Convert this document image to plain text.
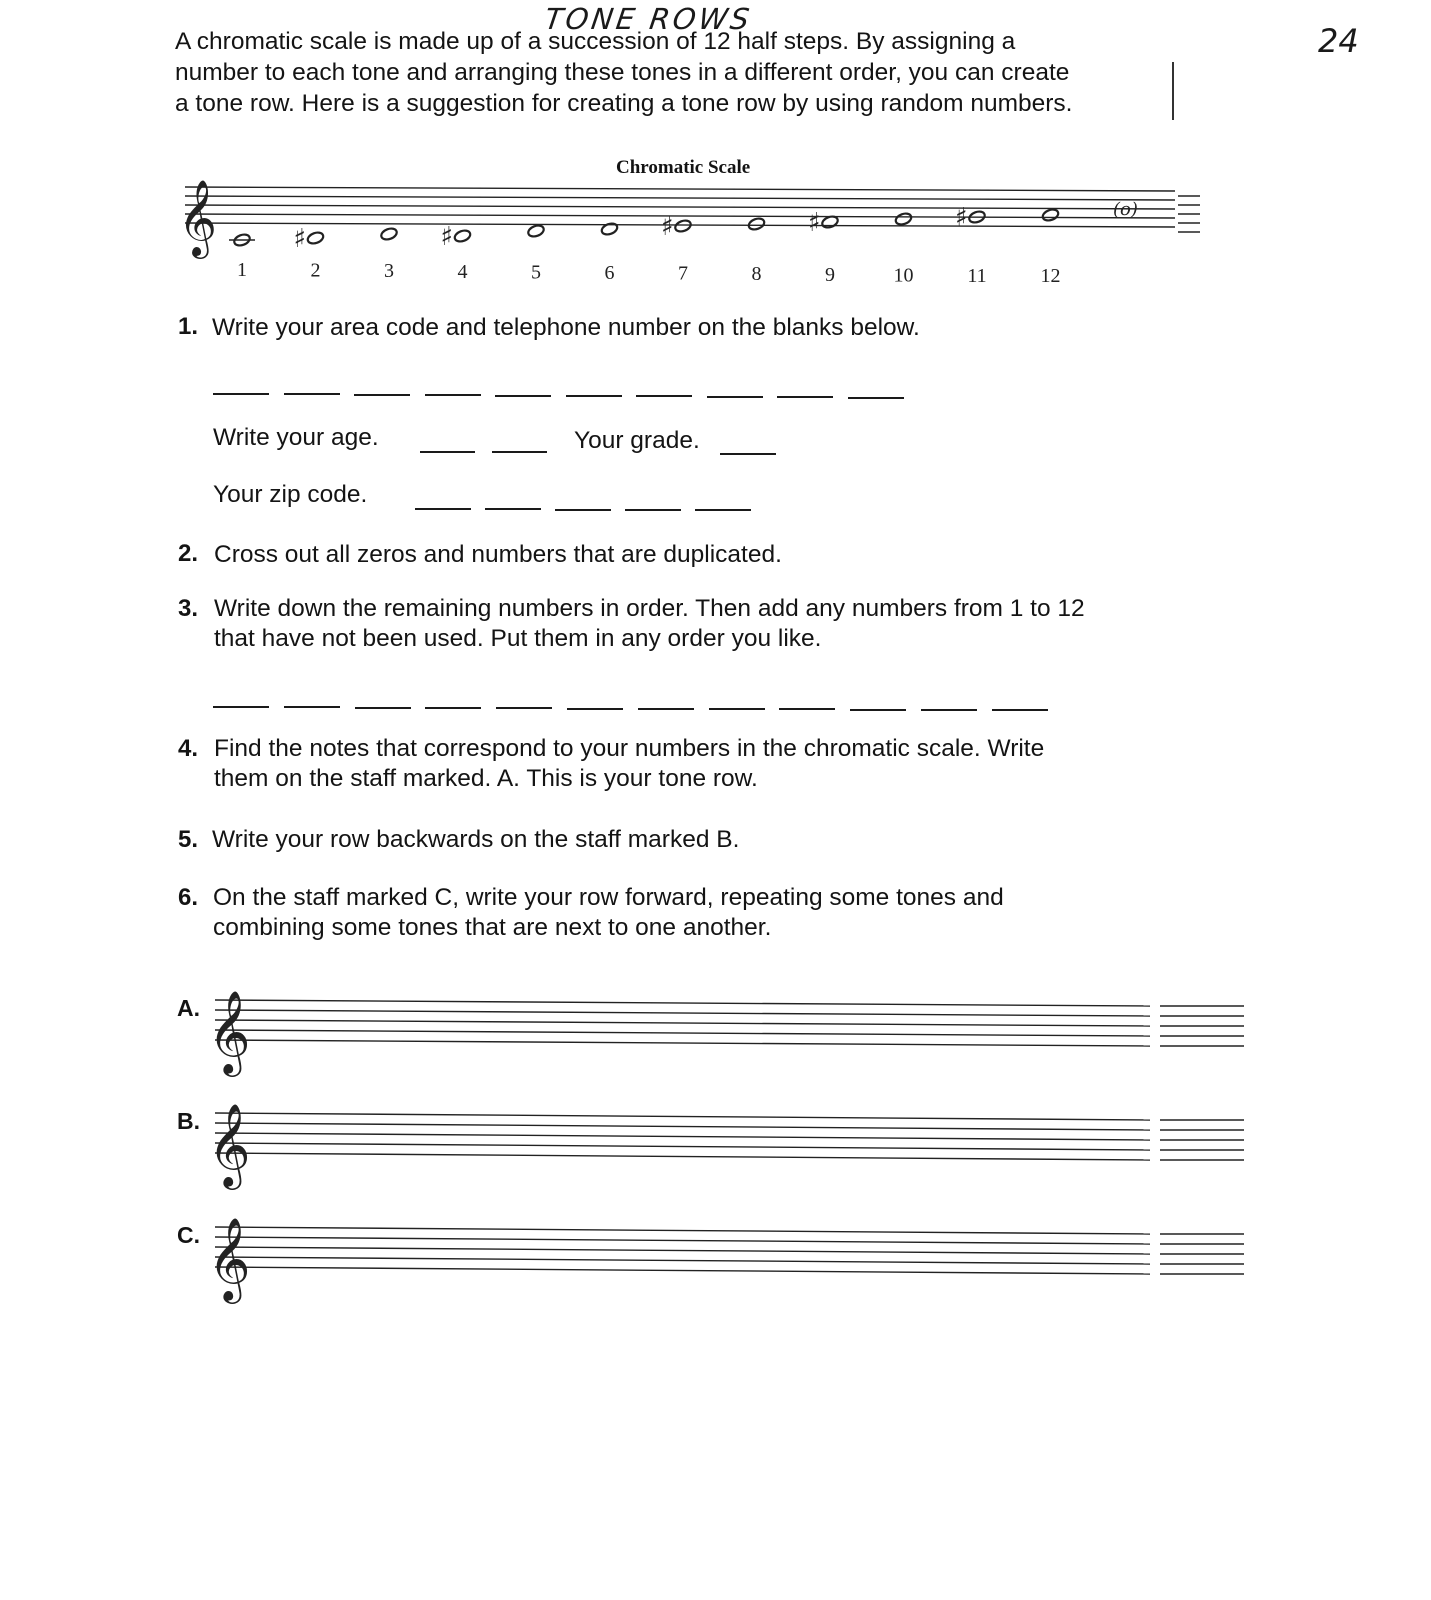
TONE ROWS
24
A chromatic scale is made up of a succession of 12 half steps. By assigning a
number to each tone and arranging these tones in a different order, you can create
a tone row. Here is a suggestion for creating a tone row by using random numbers.
Chromatic Scale
𝄞
1
♯
2	3
♯
4	5	6
♯
7	8
♯
9	10
♯
11	12
(o)
1. Write your area code and telephone number on the blanks below.
Write your age.	Your grade.
Your zip code.
2. Cross out all zeros and numbers that are duplicated.
3. Write down the remaining numbers in order. Then add any numbers from 1 to 12
that have not been used. Put them in any order you like.
4. Find the notes that correspond to your numbers in the chromatic scale. Write
them on the staff marked. A. This is your tone row.
5. Write your row backwards on the staff marked B.
6. On the staff marked C, write your row forward, repeating some tones and
combining some tones that are next to one another.
A.
B.
C.
𝄞
𝄞
𝄞
